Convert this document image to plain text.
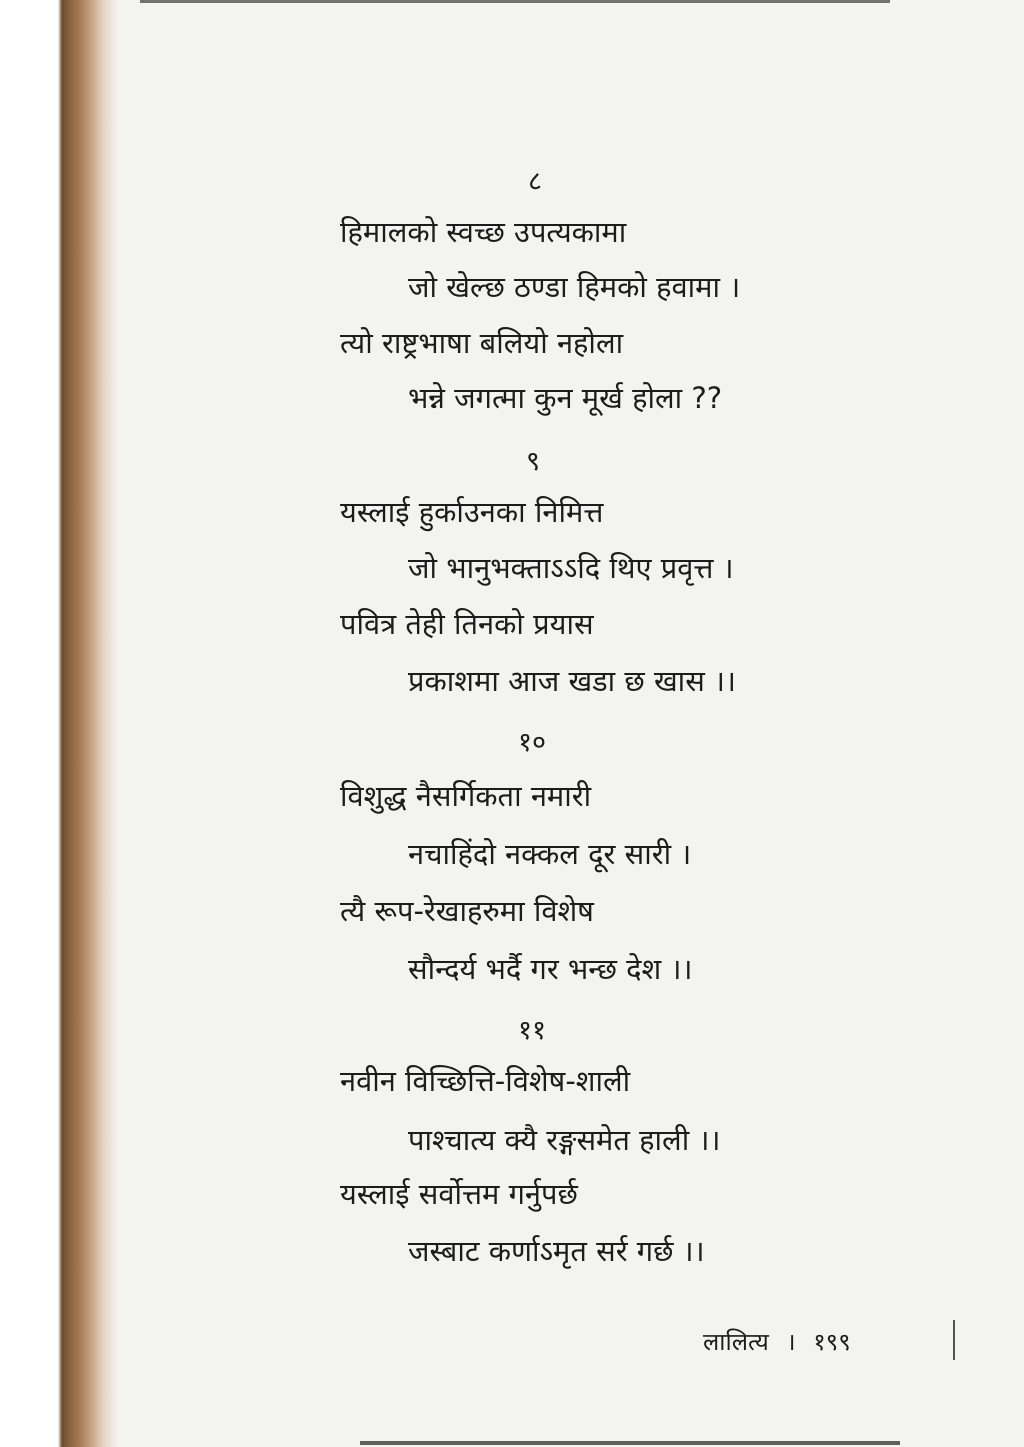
८
हिमालको स्वच्छ उपत्यकामा
जो खेल्छ ठण्डा हिमको हवामा ।
त्यो राष्ट्रभाषा बलियो नहोला
भन्ने जगत्मा कुन मूर्ख होला ??
९
यस्लाई हुर्काउनका निमित्त
जो भानुभक्ताऽऽदि थिए प्रवृत्त ।
पवित्र तेही तिनको प्रयास
प्रकाशमा आज खडा छ खास ।।
१०
विशुद्ध नैसर्गिकता नमारी
नचाहिंदो नक्कल दूर सारी ।
त्यै रूप-रेखाहरुमा विशेष
सौन्दर्य भर्दै गर भन्छ देश ।।
११
नवीन विच्छित्ति-विशेष-शाली
पाश्चात्य क्यै रङ्गसमेत हाली ।।
यस्लाई सर्वोत्तम गर्नुपर्छ
जस्बाट कर्णाऽमृत सर्र गर्छ ।।
लालित्य । १९९
